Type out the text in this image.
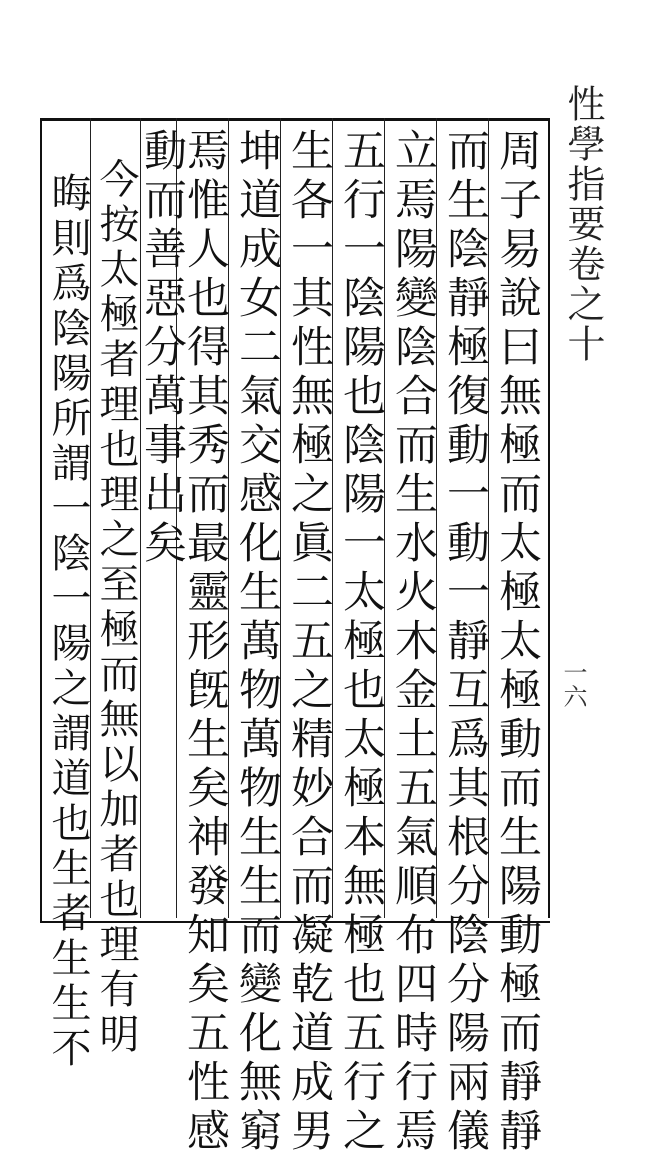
性學指要卷之十
一六
周子易說曰無極而太極太極動而生陽動極而靜靜
而生陰靜極復動一動一靜互爲其根分陰分陽兩儀
立焉陽變陰合而生水火木金土五氣順布四時行焉
五行一陰陽也陰陽一太極也太極本無極也五行之
生各一其性無極之眞二五之精妙合而凝乾道成男
坤道成女二氣交感化生萬物萬物生生而變化無窮
焉惟人也得其秀而最靈形旣生矣神發知矣五性感
動而善惡分萬事出矣
今按太極者理也理之至極而無以加者也理有明
晦則爲陰陽所謂一陰一陽之謂道也生者生生不
